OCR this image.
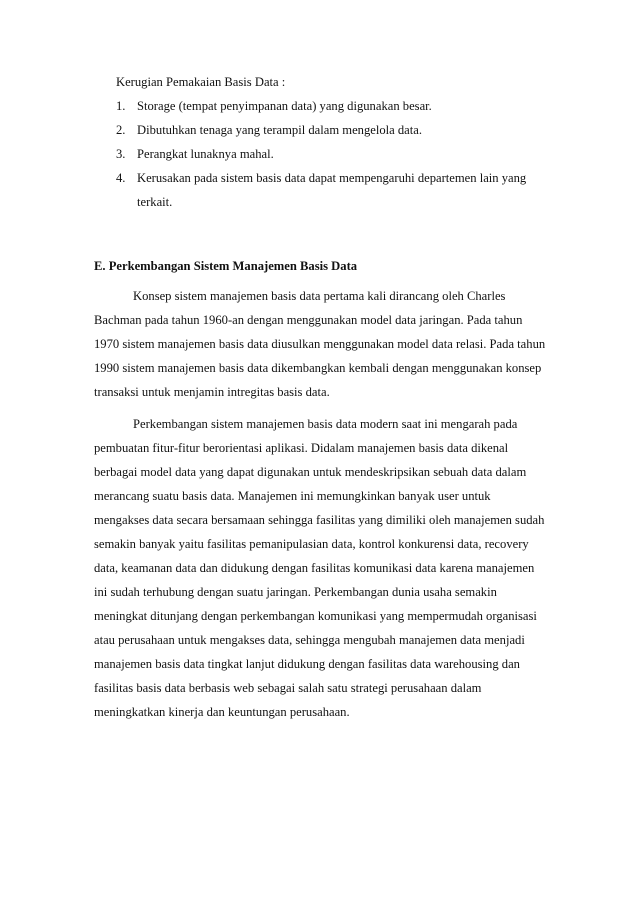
Kerugian Pemakaian Basis Data :
1. Storage (tempat penyimpanan data) yang digunakan besar.
2. Dibutuhkan tenaga yang terampil dalam mengelola data.
3. Perangkat lunaknya mahal.
4. Kerusakan pada sistem basis data dapat mempengaruhi departemen lain yang
terkait.
E. Perkembangan Sistem Manajemen Basis Data
Konsep sistem manajemen basis data pertama kali dirancang oleh Charles
Bachman pada tahun 1960-an dengan menggunakan model data jaringan. Pada tahun
1970 sistem manajemen basis data diusulkan menggunakan model data relasi. Pada tahun
1990 sistem manajemen basis data dikembangkan kembali dengan menggunakan konsep
transaksi untuk menjamin intregitas basis data.
Perkembangan sistem manajemen basis data modern saat ini mengarah pada
pembuatan fitur-fitur berorientasi aplikasi. Didalam manajemen basis data dikenal
berbagai model data yang dapat digunakan untuk mendeskripsikan sebuah data dalam
merancang suatu basis data. Manajemen ini memungkinkan banyak user untuk
mengakses data secara bersamaan sehingga fasilitas yang dimiliki oleh manajemen sudah
semakin banyak yaitu fasilitas pemanipulasian data, kontrol konkurensi data, recovery
data, keamanan data dan didukung dengan fasilitas komunikasi data karena manajemen
ini sudah terhubung dengan suatu jaringan. Perkembangan dunia usaha semakin
meningkat ditunjang dengan perkembangan komunikasi yang mempermudah organisasi
atau perusahaan untuk mengakses data, sehingga mengubah manajemen data menjadi
manajemen basis data tingkat lanjut didukung dengan fasilitas data warehousing dan
fasilitas basis data berbasis web sebagai salah satu strategi perusahaan dalam
meningkatkan kinerja dan keuntungan perusahaan.
